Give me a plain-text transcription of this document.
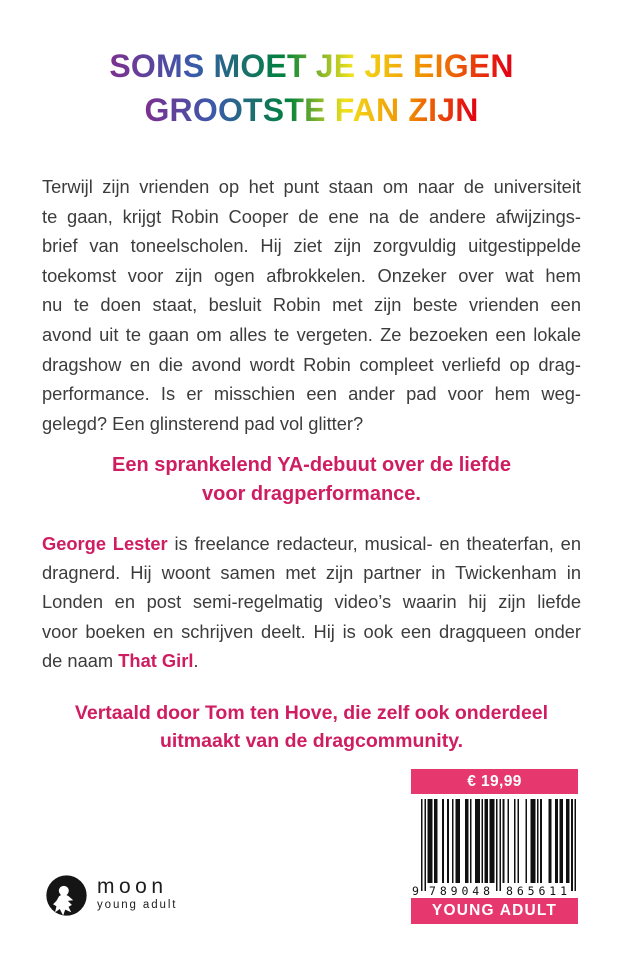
SOMS MOET JE JE EIGEN
GROOTSTE FAN ZIJN
Terwijl zijn vrienden op het punt staan om naar de universiteit
te gaan, krijgt Robin Cooper de ene na de andere afwijzings-
brief van toneelscholen. Hij ziet zijn zorgvuldig uitgestippelde
toekomst voor zijn ogen afbrokkelen. Onzeker over wat hem
nu te doen staat, besluit Robin met zijn beste vrienden een
avond uit te gaan om alles te vergeten. Ze bezoeken een lokale
dragshow en die avond wordt Robin compleet verliefd op drag-
performance. Is er misschien een ander pad voor hem weg-
gelegd? Een glinsterend pad vol glitter?
Een sprankelend YA-debuut over de liefde
voor dragperformance.
George Lester is freelance redacteur, musical- en theaterfan, en
dragnerd. Hij woont samen met zijn partner in Twickenham in
Londen en post semi-regelmatig video’s waarin hij zijn liefde
voor boeken en schrijven deelt. Hij is ook een dragqueen onder
de naam That Girl.
Vertaald door Tom ten Hove, die zelf ook onderdeel
uitmaakt van de dragcommunity.
€ 19,99
9 789048 865611
YOUNG ADULT
moon
young adult
